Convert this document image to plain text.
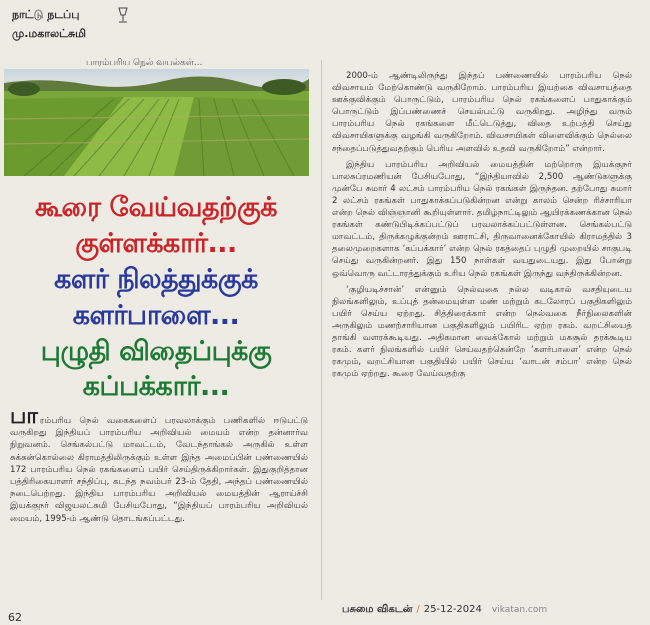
நாட்டு நடப்பு
மு.மகாலட்சுமி
பாரம்பரிய நெல் வயல்கள்...
கூரை வேய்வதற்குக்
குள்ளக்கார்...
களர் நிலத்துக்குக்
களர்பாளை...
புழுதி விதைப்புக்கு
கப்பக்கார்...
பாரம்பரிய நெல் வகைகளைப் பரவலாக்கும் பணிகளில் ஈடுபட்டு வருகிறது இந்தியப் பாரம்பரிய அறிவியல் மையம் என்ற தன்னார்வ நிறுவனம். செங்கல்பட்டு மாவட்டம், வேடந்தாங்கல் அருகில் உள்ள சுக்கன்கொல்லை கிராமத்திலிருக்கும் உள்ள இந்த அமைப்பின் பண்ணையில் 172 பாரம்பரிய நெல் ரகங்களைப் பயிர் செய்திருக்கிறார்கள். இதுகுறித்தான பத்திரிகையாளர் சந்திப்பு, கடந்த நவம்பர் 23-ம் தேதி, அந்தப் பண்ணையில் நடைபெற்றது. இந்திய பாரம்பரிய அறிவியல் மையத்தின் ஆராய்ச்சி இயக்குநர் விஜயலட்சுமி பேசியபோது, “இந்தியப் பாரம்பரிய அறிவியல் மையம், 1995-ம் ஆண்டு தொடங்கப்பட்டது.

2000-ம் ஆண்டிலிருந்து இந்தப் பண்ணையில் பாரம்பரிய நெல் விவசாயம் மேற்கொண்டு வருகிறோம். பாரம்பரிய இயற்கை விவசாயத்தை ஊக்குவிக்கும் பொருட்டும், பாரம்பரிய நெல் ரகங்களைப் பாதுகாக்கும் பொருட்டும் இப்பண்ணைச் செயல்பட்டு வருகிறது. அழிந்து வரும் பாரம்பரிய நெல் ரகங்களை மீட்டெடுத்து, விதை உற்பத்தி செய்து விவசாயிகளுக்கு வழங்கி வருகிறோம். விவசாயிகள் விளைவிக்கும் நெல்லை சந்தைப்படுத்துவதற்கும் பெரிய அளவில் உதவி வருகிறோம்” என்றார்.

இந்திய பாரம்பரிய அறிவியல் மையத்தின் மற்றொரு இயக்குநர் பாலசுப்ரமணியன் பேசியபோது, “இந்தியாவில் 2,500 ஆண்டுகளுக்கு முன்பே சுமார் 4 லட்சம் பாரம்பரிய நெல் ரகங்கள் இருந்தன. தற்போது சுமார் 2 லட்சம் ரகங்கள் பாதுகாக்கப்படுகின்றன என்று காலம் சென்ற ரிச்சாரியா என்ற நெல் விஞ்ஞானி கூறியுள்ளார். தமிழ்நாட்டிலும் ஆயிரக்கணக்கான நெல் ரகங்கள் கண்டுபிடிக்கப்பட்டுப் பரவலாக்கப்பட்டுள்ளன. செங்கல்பட்டு மாவட்டம், திருக்கழுக்குன்றம் ஊராட்சி, திருவானைக்கோயில் கிராமத்தில் 3 தலைமுறைகளாக ‘கப்பக்கார்’ என்ற நெல் ரகத்தைப் புழுதி முறையில் சாகுபடி செய்து வருகின்றனர். இது 150 நாள்கள் வயதுடையது. இது போன்று ஒவ்வொரு வட்டாரத்துக்கும் உரிய நெல் ரகங்கள் இருந்து வந்திருக்கின்றன.

‘குழியடிச்சான்’ என்னும் நெல்வகை நல்ல வடிகால் வசதியுடைய நிலங்களிலும், உப்புத் தன்மையுள்ள மண் மற்றும் கடலோரப் பகுதிகளிலும் பயிர் செய்ய ஏற்றது. சித்திரைக்கார் என்ற நெல்வகை நீர்நிலைகளின் அருகிலும் மணற்சாரியான பகுதிகளிலும் பயிரிட ஏற்ற ரகம். வறட்சியைத் தாங்கி வளரக்கூடியது. அதிகமான வைக்கோல் மற்றும் மகசூல் தரக்கூடிய ரகம். களர் நிலங்களில் பயிர் செய்வதற்கென்றே ‘களர்பாளை’ என்ற நெல் ரகமும், வறட்சியான பகுதியில் பயிர் செய்ய ‘வாடன் சம்பா’ என்ற நெல் ரகமும் ஏற்றது. கூரை வேய்வதற்கு

62
பசுமை விகடன் / 25-12-2024 vikatan.com
